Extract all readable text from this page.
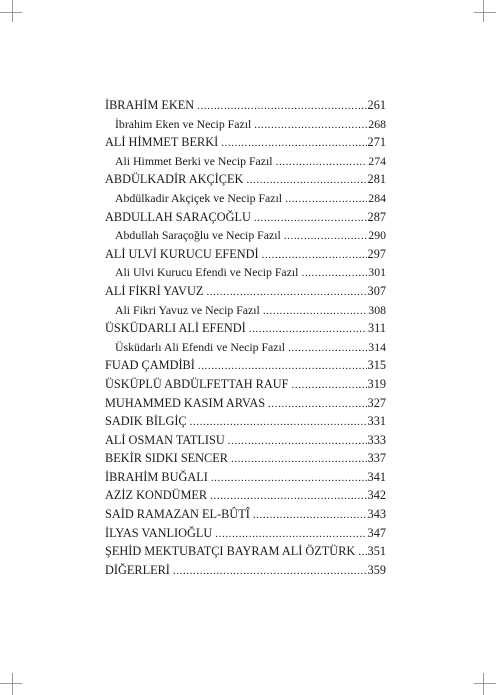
İBRAHİM EKEN .....	261
İbrahim Eken ve Necip Fazıl .....	268
ALİ HİMMET BERKİ .....	271
Ali Himmet Berki ve Necip Fazıl .....	274
ABDÜLKADİR AKÇİÇEK .....	281
Abdülkadir Akçiçek ve Necip Fazıl .....	284
ABDULLAH SARAÇOĞLU .....	287
Abdullah Saraçoğlu ve Necip Fazıl .....	290
ALİ ULVİ KURUCU EFENDİ .....	297
Ali Ulvi Kurucu Efendi ve Necip Fazıl .....	301
ALİ FİKRİ YAVUZ .....	307
Ali Fikri Yavuz ve Necip Fazıl .....	308
ÜSKÜDARLI ALİ EFENDİ .....	311
Üsküdarlı Ali Efendi ve Necip Fazıl .....	314
FUAD ÇAMDİBİ .....	315
ÜSKÜPLÜ ABDÜLFETTAH RAUF .....	319
MUHAMMED KASIM ARVAS .....	327
SADIK BİLGİÇ .....	331
ALİ OSMAN TATLISU .....	333
BEKİR SIDKI SENCER .....	337
İBRAHİM BUĞALI .....	341
AZİZ KONDÜMER .....	342
SAİD RAMAZAN EL-BÛTÎ .....	343
İLYAS VANLIOĞLU .....	347
ŞEHİD MEKTUBATÇI BAYRAM ALİ ÖZTÜRK ..... 351
DİĞERLERİ .....	359
